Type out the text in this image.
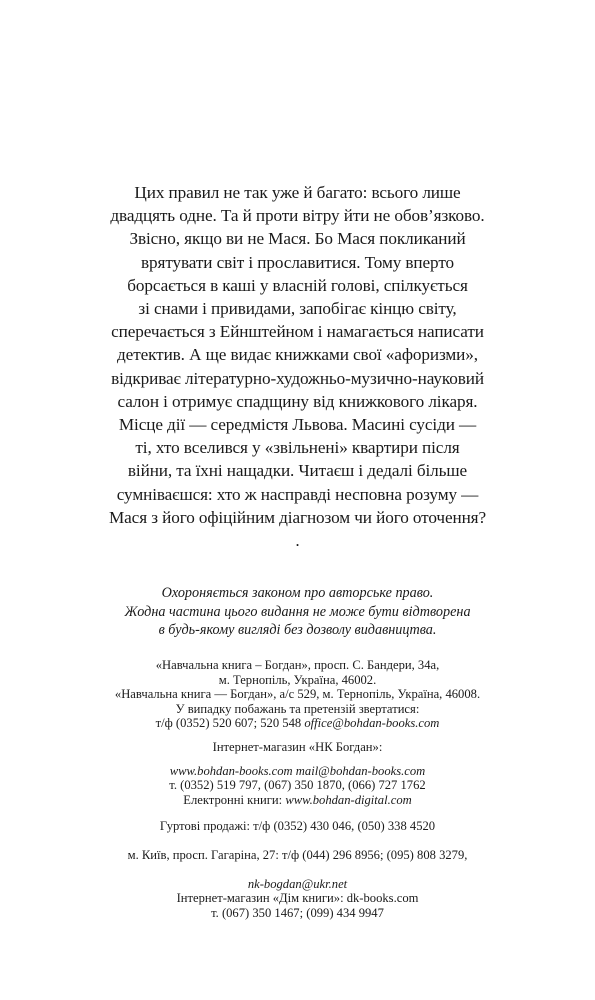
Цих правил не так уже й багато: всього лише
двадцять одне. Та й проти вітру йти не обов’язково.
Звісно, якщо ви не Мася. Бо Мася покликаний
врятувати світ і прославитися. Тому вперто
борсається в каші у власній голові, спілкується
зі снами і привидами, запобігає кінцю світу,
сперечається з Ейнштейном і намагається написати
детектив. А ще видає книжками свої «афоризми»,
відкриває літературно-художньо-музично-науковий
салон і отримує спадщину від книжкового лікаря.
Місце дії — середмістя Львова. Масині сусіди —
ті, хто вселився у «звільнені» квартири після
війни, та їхні нащадки. Читаєш і дедалі більше
сумніваєшся: хто ж насправді несповна розуму —
Мася з його офіційним діагнозом чи його оточення?
.
Охороняється законом про авторське право.
Жодна частина цього видання не може бути відтворена
в будь-якому вигляді без дозволу видавництва.
«Навчальна книга – Богдан», просп. С. Бандери, 34а,
м. Тернопіль, Україна, 46002.
«Навчальна книга — Богдан», а/с 529, м. Тернопіль, Україна, 46008.
У випадку побажань та претензій звертатися:
т/ф (0352) 520 607; 520 548 office@bohdan-books.com
Інтернет-магазин «НК Богдан»:
www.bohdan-books.com mail@bohdan-books.com
т. (0352) 519 797, (067) 350 1870, (066) 727 1762
Електронні книги: www.bohdan-digital.com
Гуртові продажі: т/ф (0352) 430 046, (050) 338 4520
м. Київ, просп. Гагаріна, 27: т/ф (044) 296 8956; (095) 808 3279,
nk-bogdan@ukr.net
Інтернет-магазин «Дім книги»: dk-books.com
т. (067) 350 1467; (099) 434 9947
